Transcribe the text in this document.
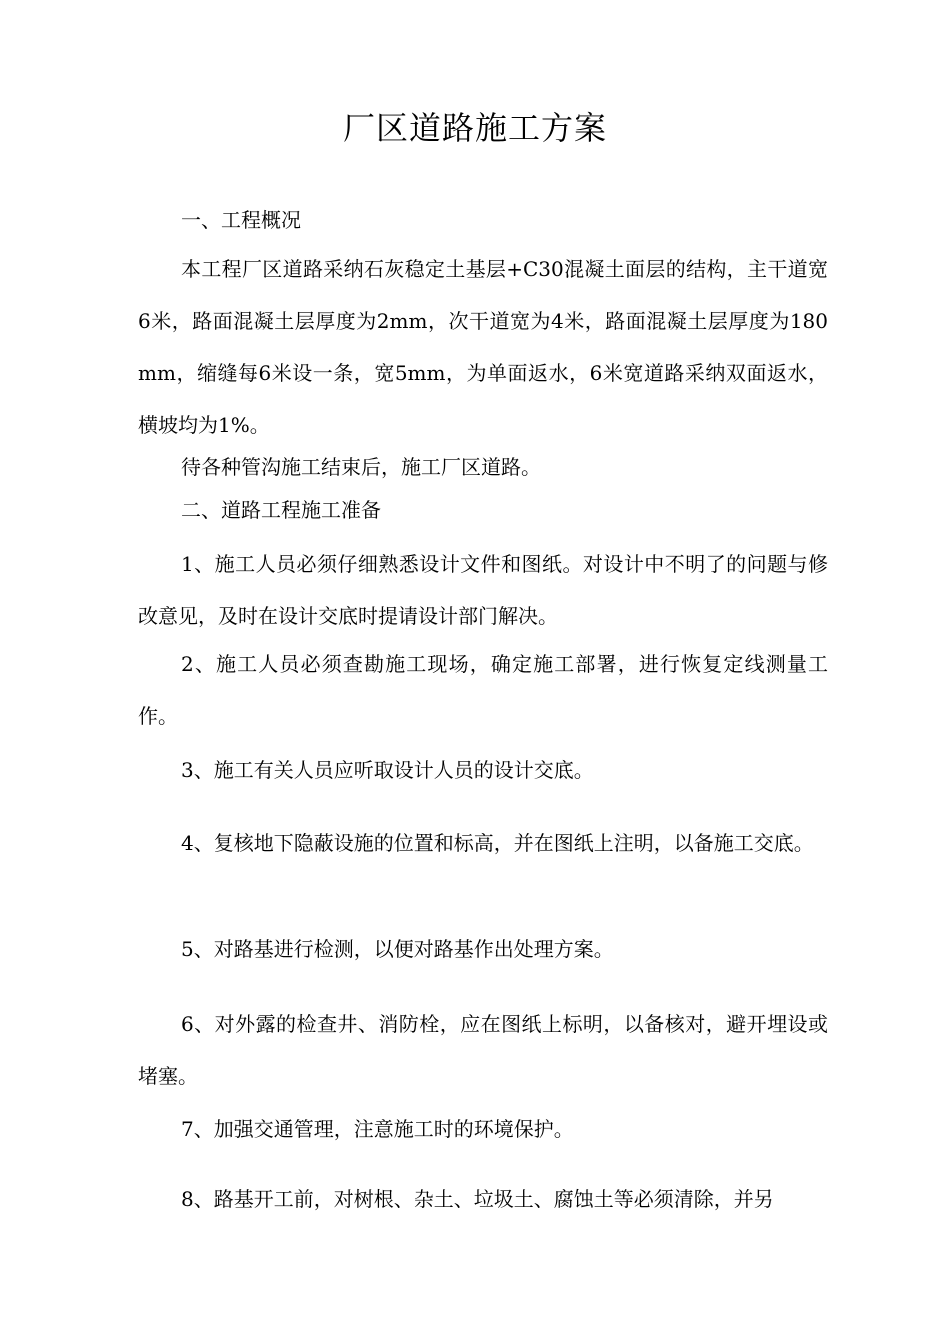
厂区道路施工方案

一、工程概况

本工程厂区道路采纳石灰稳定土基层+C30混凝土面层的结构，主干道宽6米，路面混凝土层厚度为2mm，次干道宽为4米，路面混凝土层厚度为180mm，缩缝每6米设一条，宽5mm，为单面返水，6米宽道路采纳双面返水，横坡均为1%。

待各种管沟施工结束后，施工厂区道路。

二、道路工程施工准备

1、施工人员必须仔细熟悉设计文件和图纸。对设计中不明了的问题与修改意见，及时在设计交底时提请设计部门解决。

2、施工人员必须查勘施工现场，确定施工部署，进行恢复定线测量工作。

3、施工有关人员应听取设计人员的设计交底。

4、复核地下隐蔽设施的位置和标高，并在图纸上注明，以备施工交底。

5、对路基进行检测，以便对路基作出处理方案。

6、对外露的检查井、消防栓，应在图纸上标明，以备核对，避开埋设或堵塞。

7、加强交通管理，注意施工时的环境保护。

8、路基开工前，对树根、杂土、垃圾土、腐蚀土等必须清除，并另
